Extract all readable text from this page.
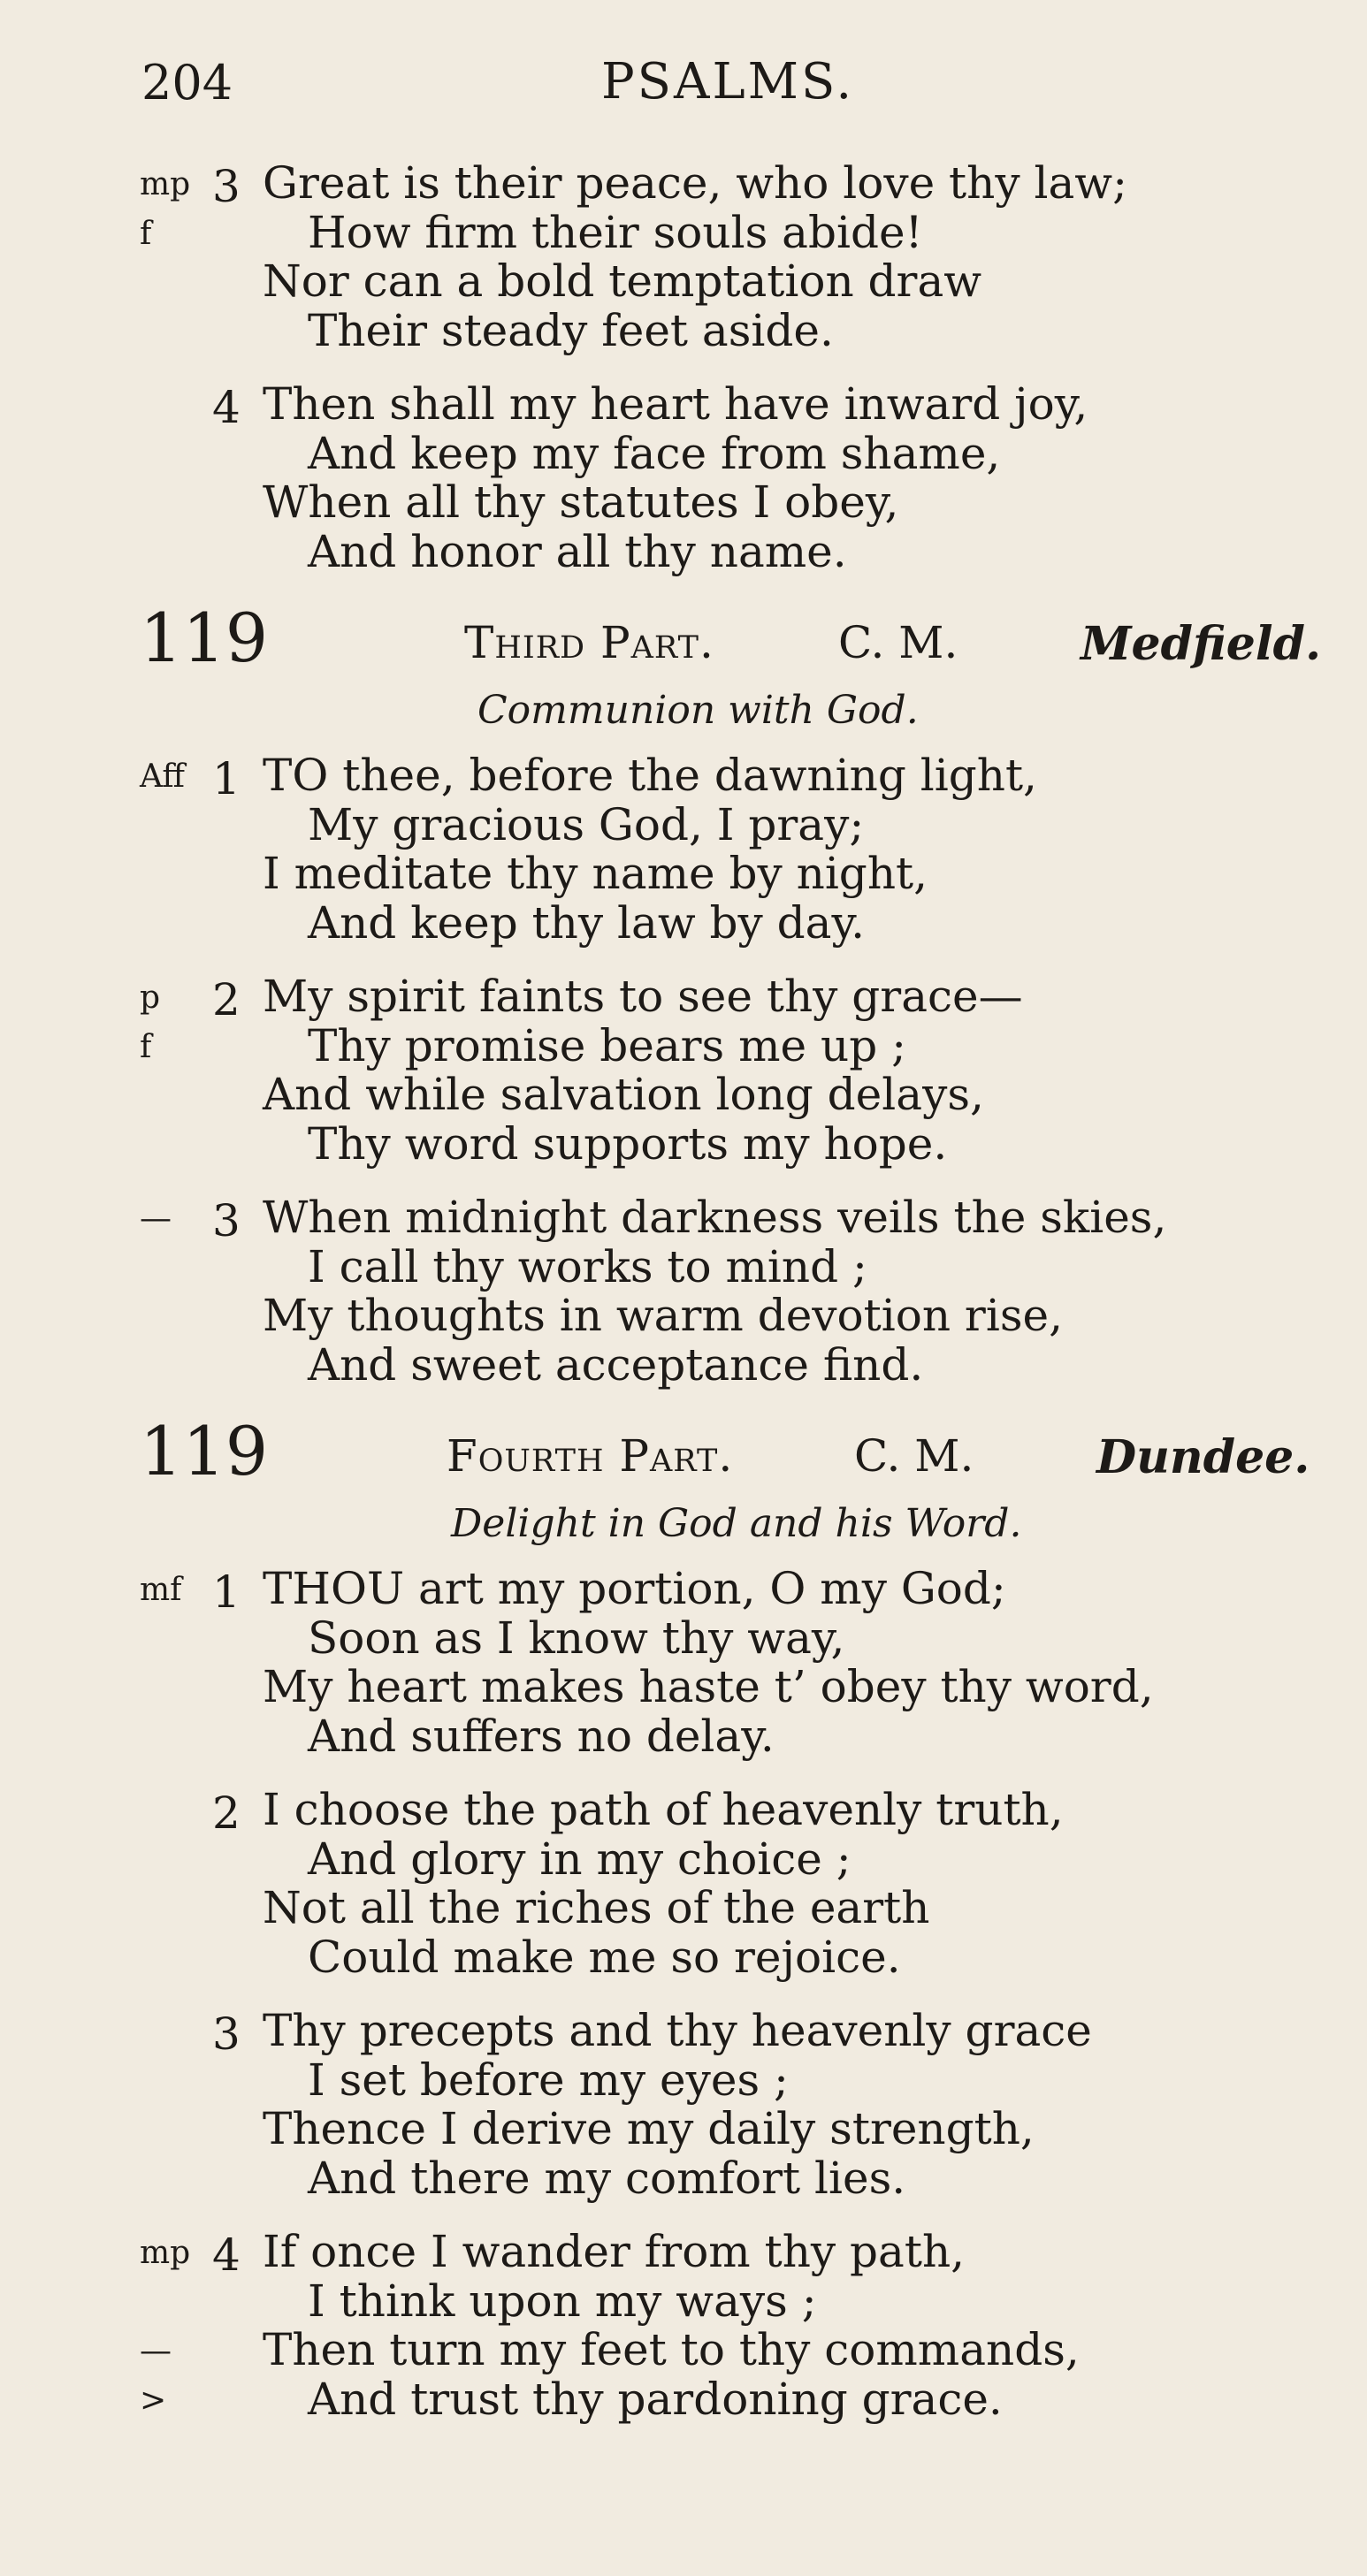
204	PSALMS.
mp 3 Great is their peace, who love thy law;
f	How firm their souls abide!
Nor can a bold temptation draw
Their steady feet aside.
4 Then shall my heart have inward joy,
And keep my face from shame,
When all thy statutes I obey,
And honor all thy name.
119	Third Part.	C. M.	Medfield.
Communion with God.
Aff 1 TO thee, before the dawning light,
My gracious God, I pray;
I meditate thy name by night,
And keep thy law by day.
p 2 My spirit faints to see thy grace—
f	Thy promise bears me up ;
And while salvation long delays,
Thy word supports my hope.
— 3 When midnight darkness veils the skies,
I call thy works to mind ;
My thoughts in warm devotion rise,
And sweet acceptance find.
119	Fourth Part.	C. M.	Dundee.
Delight in God and his Word.
mf 1 THOU art my portion, O my God;
Soon as I know thy way,
My heart makes haste t’ obey thy word,
And suffers no delay.
2 I choose the path of heavenly truth,
And glory in my choice ;
Not all the riches of the earth
Could make me so rejoice.
3 Thy precepts and thy heavenly grace
I set before my eyes ;
Thence I derive my daily strength,
And there my comfort lies.
mp 4 If once I wander from thy path,
I think upon my ways ;
— Then turn my feet to thy commands,
>	And trust thy pardoning grace.
